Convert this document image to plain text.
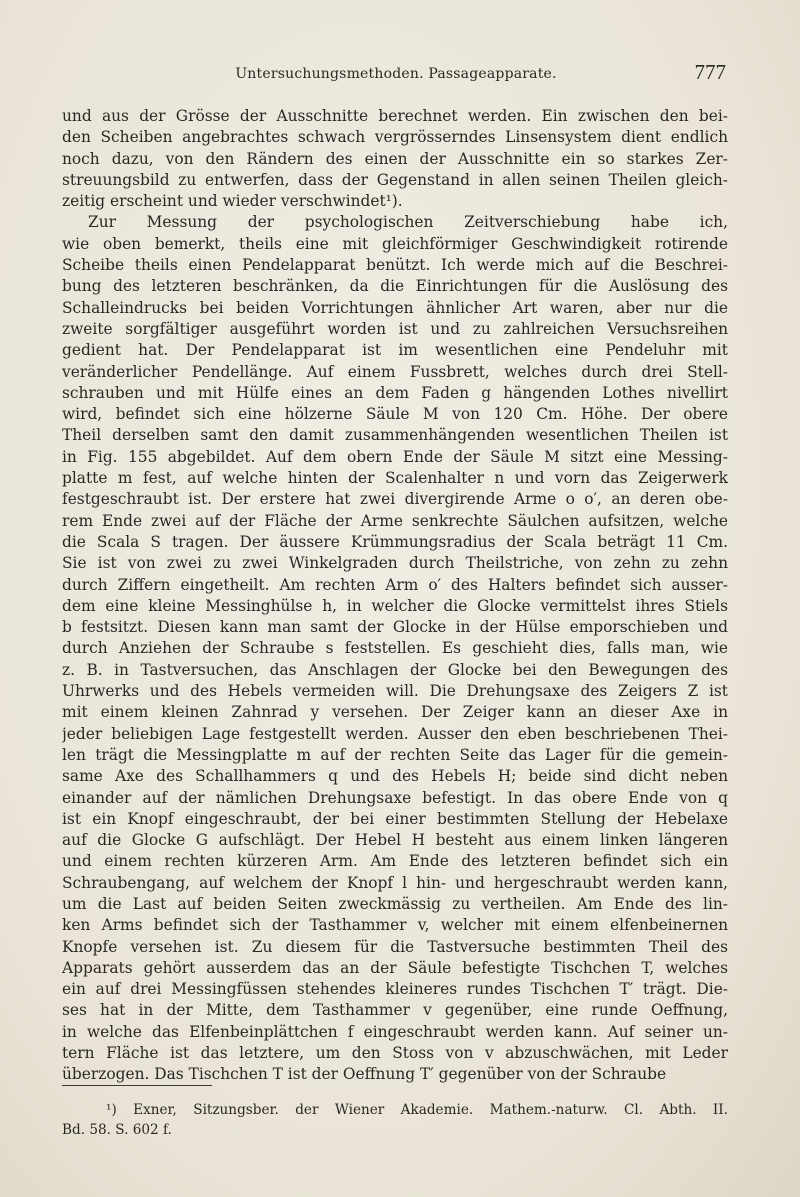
Untersuchungsmethoden. Passageapparate.	777
und aus der Grösse der Ausschnitte berechnet werden. Ein zwischen den bei-
den Scheiben angebrachtes schwach vergrösserndes Linsensystem dient endlich
noch dazu, von den Rändern des einen der Ausschnitte ein so starkes Zer-
streuungsbild zu entwerfen, dass der Gegenstand in allen seinen Theilen gleich-
zeitig erscheint und wieder verschwindet¹).
Zur Messung der psychologischen Zeitverschiebung habe ich,
wie oben bemerkt, theils eine mit gleichförmiger Geschwindigkeit rotirende
Scheibe theils einen Pendelapparat benützt. Ich werde mich auf die Beschrei-
bung des letzteren beschränken, da die Einrichtungen für die Auslösung des
Schalleindrucks bei beiden Vorrichtungen ähnlicher Art waren, aber nur die
zweite sorgfältiger ausgeführt worden ist und zu zahlreichen Versuchsreihen
gedient hat. Der Pendelapparat ist im wesentlichen eine Pendeluhr mit
veränderlicher Pendellänge. Auf einem Fussbrett, welches durch drei Stell-
schrauben und mit Hülfe eines an dem Faden g hängenden Lothes nivellirt
wird, befindet sich eine hölzerne Säule M von 120 Cm. Höhe. Der obere
Theil derselben samt den damit zusammenhängenden wesentlichen Theilen ist
in Fig. 155 abgebildet. Auf dem obern Ende der Säule M sitzt eine Messing-
platte m fest, auf welche hinten der Scalenhalter n und vorn das Zeigerwerk
festgeschraubt ist. Der erstere hat zwei divergirende Arme o o′, an deren obe-
rem Ende zwei auf der Fläche der Arme senkrechte Säulchen aufsitzen, welche
die Scala S tragen. Der äussere Krümmungsradius der Scala beträgt 11 Cm.
Sie ist von zwei zu zwei Winkelgraden durch Theilstriche, von zehn zu zehn
durch Ziffern eingetheilt. Am rechten Arm o′ des Halters befindet sich ausser-
dem eine kleine Messinghülse h, in welcher die Glocke vermittelst ihres Stiels
b festsitzt. Diesen kann man samt der Glocke in der Hülse emporschieben und
durch Anziehen der Schraube s feststellen. Es geschieht dies, falls man, wie
z. B. in Tastversuchen, das Anschlagen der Glocke bei den Bewegungen des
Uhrwerks und des Hebels vermeiden will. Die Drehungsaxe des Zeigers Z ist
mit einem kleinen Zahnrad y versehen. Der Zeiger kann an dieser Axe in
jeder beliebigen Lage festgestellt werden. Ausser den eben beschriebenen Thei-
len trägt die Messingplatte m auf der rechten Seite das Lager für die gemein-
same Axe des Schallhammers q und des Hebels H; beide sind dicht neben
einander auf der nämlichen Drehungsaxe befestigt. In das obere Ende von q
ist ein Knopf eingeschraubt, der bei einer bestimmten Stellung der Hebelaxe
auf die Glocke G aufschlägt. Der Hebel H besteht aus einem linken längeren
und einem rechten kürzeren Arm. Am Ende des letzteren befindet sich ein
Schraubengang, auf welchem der Knopf l hin- und hergeschraubt werden kann,
um die Last auf beiden Seiten zweckmässig zu vertheilen. Am Ende des lin-
ken Arms befindet sich der Tasthammer v, welcher mit einem elfenbeinernen
Knopfe versehen ist. Zu diesem für die Tastversuche bestimmten Theil des
Apparats gehört ausserdem das an der Säule befestigte Tischchen T, welches
ein auf drei Messingfüssen stehendes kleineres rundes Tischchen T′ trägt. Die-
ses hat in der Mitte, dem Tasthammer v gegenüber, eine runde Oeffnung,
in welche das Elfenbeinplättchen f eingeschraubt werden kann. Auf seiner un-
tern Fläche ist das letztere, um den Stoss von v abzuschwächen, mit Leder
überzogen. Das Tischchen T ist der Oeffnung T′ gegenüber von der Schraube
¹) Exner, Sitzungsber. der Wiener Akademie. Mathem.-naturw. Cl. Abth. II.
Bd. 58. S. 602 f.
